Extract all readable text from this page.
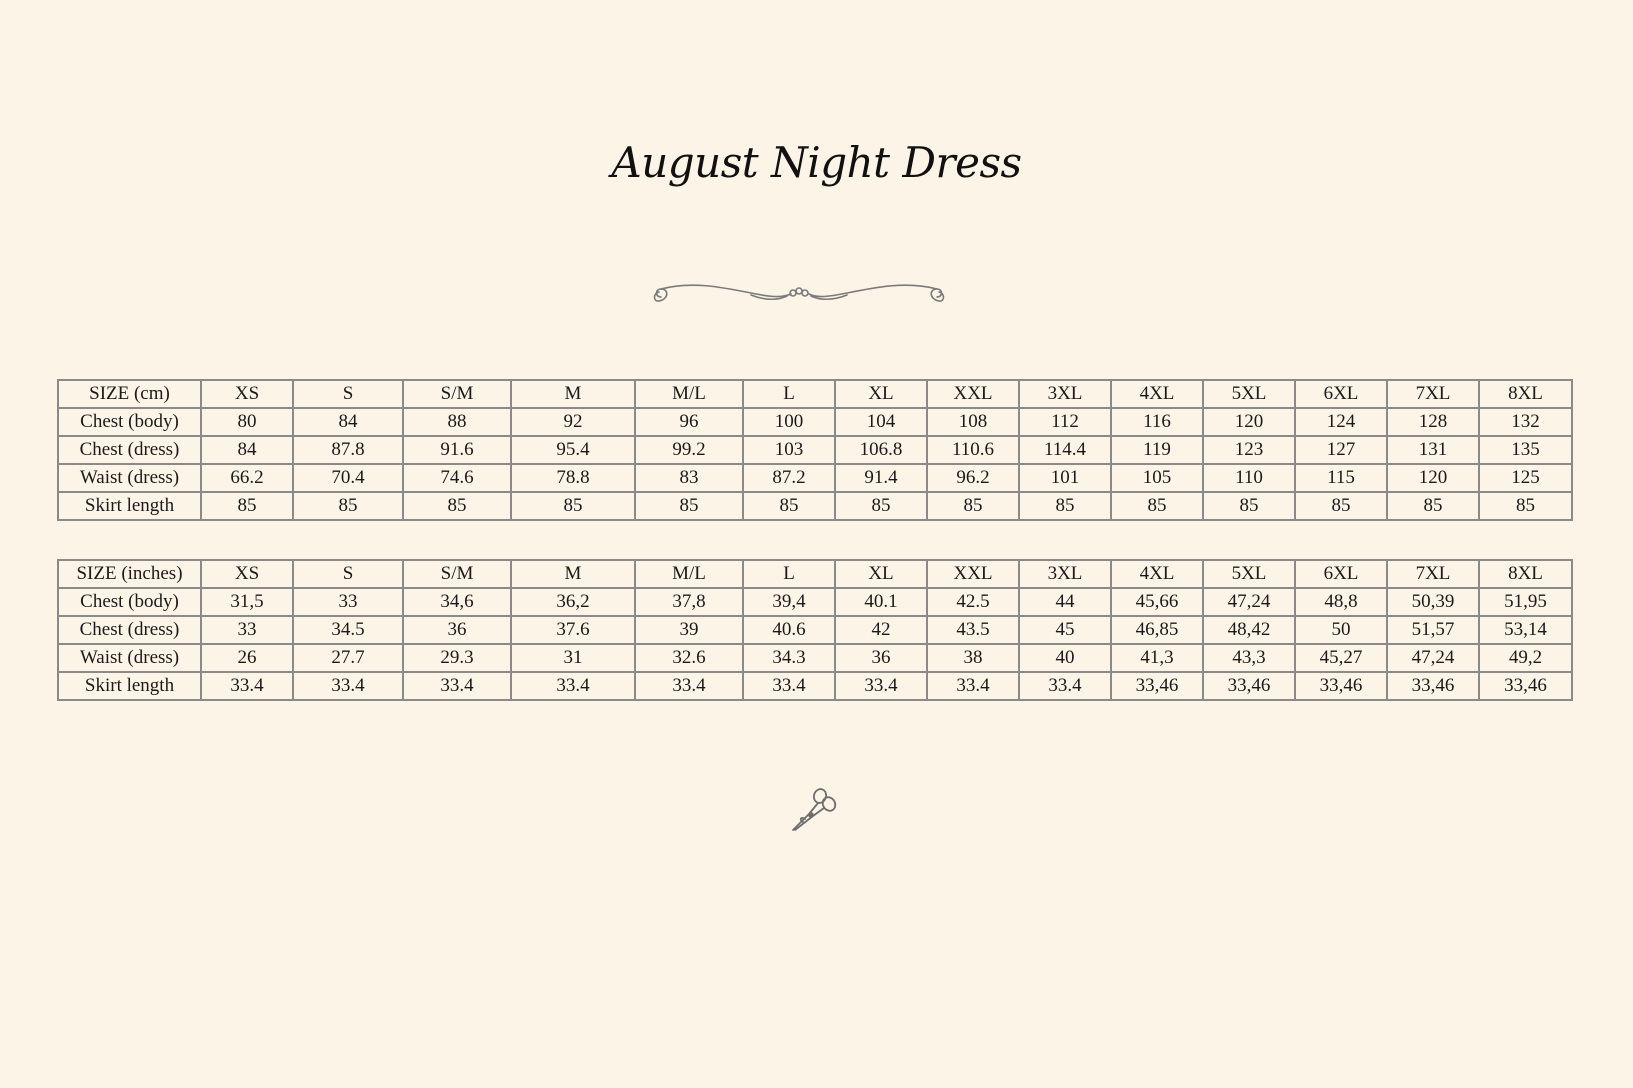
August Night Dress
SIZE (cm)	XS	S	S/M	M	M/L	L	XL	XXL	3XL	4XL	5XL	6XL	7XL	8XL
Chest (body)	80	84	88	92	96	100	104	108	112	116	120	124	128	132
Chest (dress)	84	87.8	91.6	95.4	99.2	103	106.8	110.6	114.4	119	123	127	131	135
Waist (dress)	66.2	70.4	74.6	78.8	83	87.2	91.4	96.2	101	105	110	115	120	125
Skirt length	85	85	85	85	85	85	85	85	85	85	85	85	85	85
SIZE (inches)	XS	S	S/M	M	M/L	L	XL	XXL	3XL	4XL	5XL	6XL	7XL	8XL
Chest (body)	31,5	33	34,6	36,2	37,8	39,4	40.1	42.5	44	45,66	47,24	48,8	50,39	51,95
Chest (dress)	33	34.5	36	37.6	39	40.6	42	43.5	45	46,85	48,42	50	51,57	53,14
Waist (dress)	26	27.7	29.3	31	32.6	34.3	36	38	40	41,3	43,3	45,27	47,24	49,2
Skirt length	33.4	33.4	33.4	33.4	33.4	33.4	33.4	33.4	33.4	33,46	33,46	33,46	33,46	33,46
